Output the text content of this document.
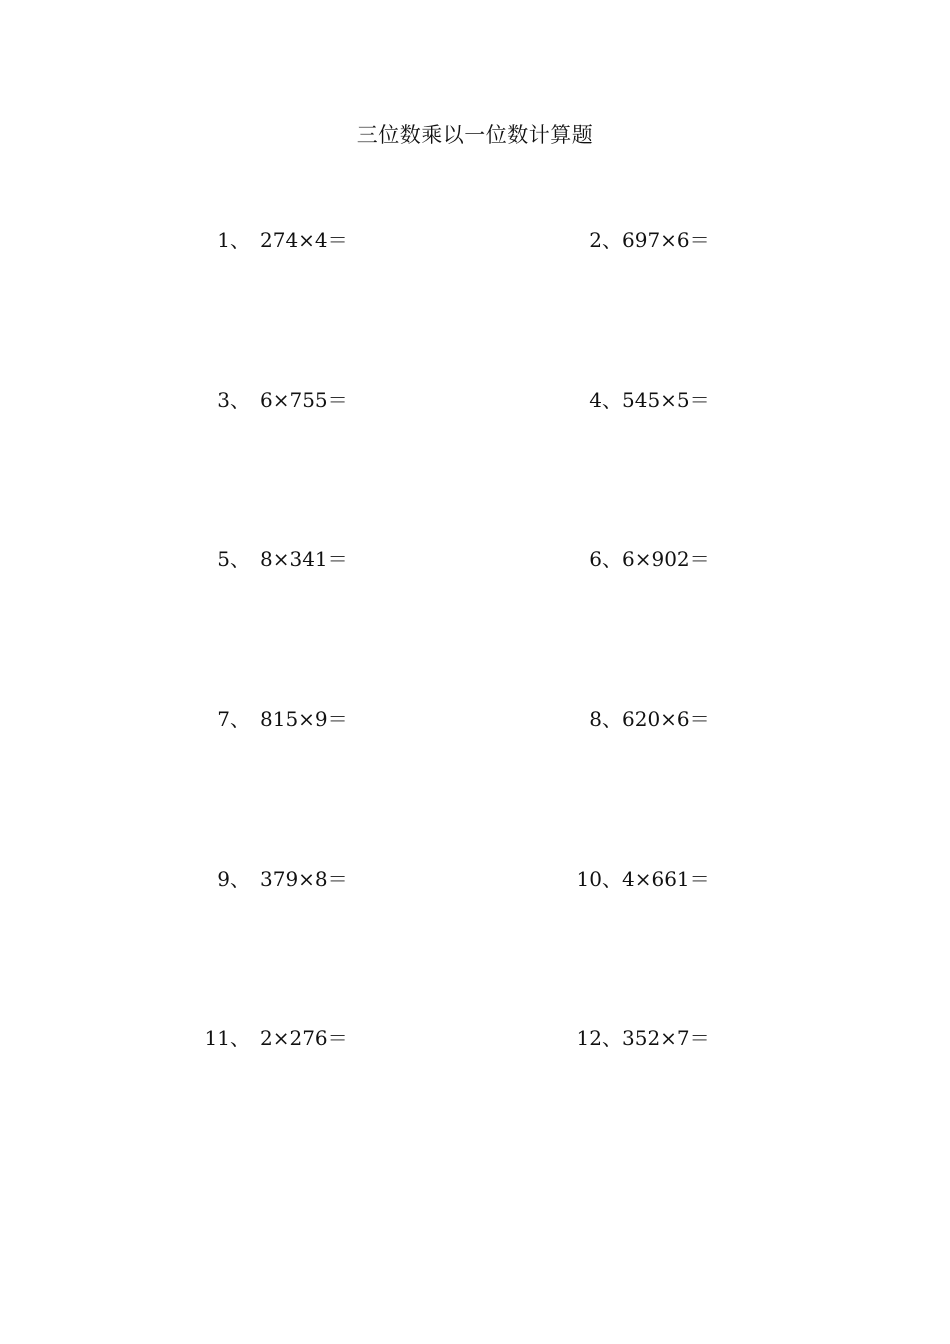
三位数乘以一位数计算题
1、 274×4＝	2、697×6＝
3、 6×755＝	4、545×5＝
5、 8×341＝	6、6×902＝
7、 815×9＝	8、620×6＝
9、 379×8＝	10、4×661＝
11、 2×276＝	12、352×7＝
